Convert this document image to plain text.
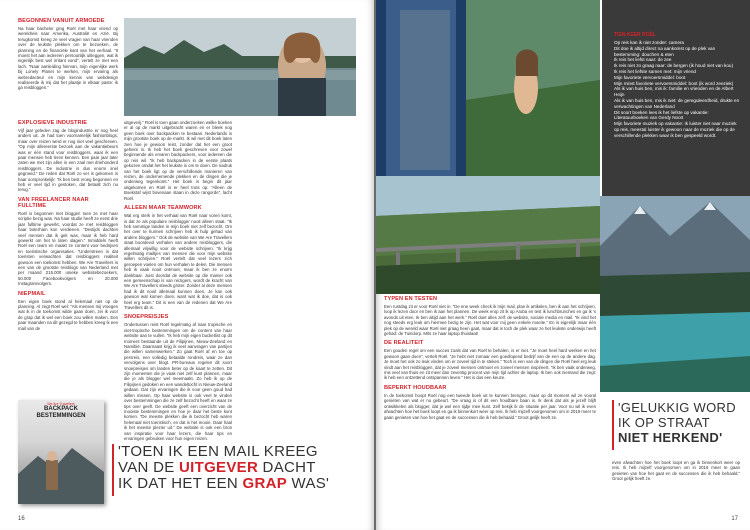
BEGONNEN VANUIT ARMOEDE
Na haar bachelor ging Roël met haar vriend op wereldreis naar Amerika, Australië en Azië. Bij terugkomst kreeg ze veel vragen van haar vrienden over de leukste plekken om te bezoeken, de planning en de financiële kant van het verhaal. “It moest het aan iedereen persoonlijk uitleggen, wat ik eigenlijk best wel irritant vond”, vertelt ze met een lach. “Naar aanleiding hiervan, mijn eigenlijke werk bij Lonely Planet te werken, mijn ervaring als webredacteur en mijn kennis van webdesign realiseerde ik mij dat het plaatje in elkaar paste: ik ga reisbloggen.”
EXPLOSIEVE INDUSTRIE
Vijf jaar geleden zag de blogindustrie er nog heel anders uit. Je had toen voornamelijk fashionblogs, maar over reizen werd er nog niet veel geschreven. “Op mijn allereerste bezoek aan de vakantiebeurs was er één stand voor reisbloggers, waar ik een paar mensen heb leren kennen. Een paar jaar later zaten we met zijn allen in een zaal met driehonderd reisbloggers. De industrie is dus enorm snel gegroeid.” De reden dat Roël zo ver is gekomen is haar oorspronkelijk: “Ik ben best vroeg begonnen en heb er veel tijd in gestoken, dat betaalt zich nu terug.”
VAN FREELANCER NAAR FULLTIME
Roël is begonnen met bloggen toen ze met haar scriptie bezig was. Na haar studie heeft ze eerst drie jaar fulltime gewerkt, voordat ze met reisbloggen haar boterham kon verdienen. “Destijds dachten veel mensen dat ik gek was, maar ik heb hard gewerkt om het te laten slagen.” Inmiddels heeft Roël een team en maakt ze content voor bedrijven en toeristische organisaties. “Understreen is dat toeristen verwachten dat reisbloggers realiteit gewoon een toekomst hebben. We Are Travellers is een van de grootste reisblogs van Nederland met per maand 215.000 unieke websitebezoekers, 50.000 Facebookvolgers en 20.000 Instagramvolgers.
NIEPMAIL
Een eigen boek stond al helemaal niet op de planning. Al zegt Roël wel: “Als mensen mij vroegen wat ik in de toekomst wilde gaan doen, zei ik voor de grap dat ik wel een boek zou willen maken. Een paar maanden na dit gezegd te hebben kreeg ik een mail van de
uitgeverij.” Roël is toen gaan onderzoeken welke boeken er al op de markt uitgebracht waren en er bleek nog geen boek over backpacken te bestaan. Nederlands is mijn grootste boek op de markt. Ik wil met dit boek laten zien hoe je gewoon reist, zonder dat het een groot geheim is. Ik heb het boek geschreven voor zowel beginnende als ervaren backpackers, voor iedereen die op reis wil. “Ik heb backpacken in de eerste plaats gekozen omdat het het leukste is om te doen. De nadruk van het boek ligt op de verschillende manieren van reizen, de ondernemende plekken en de dingen die je onderweg tegenkomt.” Het boek is begin dit jaar uitgekomen en Roël is er heel trots op. “Alleen de Boekstaf wijst bovenaan staan in deze rangorde”, lacht Roël.
ALLEEN MAAR TEAMWORK
Wat erg sterk in het verhaal van Roël naar voren komt, is dat ze als populaire reisblogger nooit alleen staat. “Ik heb sommige landen in mijn boek niet zelf bezocht. Om het over te kunnen schrijven heb ik hulp gehad van andere bloggers.” Ook de website van We Are Travellers staat boordevol verhalen van andere reisbloggers, die allemaal vrijwillig voor de website schrijven. “Ik krijg regelmatig mailtjes van mensen die voor mijn website willen schrijven.” Roël vertelt dat veel lezers zich geroepen voelen om hun verhalen te delen. Die mensen heb ik vaak nooit ontmoet, maar ik ben ze enorm dankbaar. Juist doordat de website op die manier ook een gemeenschap is van reizigers, wordt de kracht van We Are Travellers steeds groter. Zonder al deze mensen had ik dit nooit allemaal kunnen doen. Je kan ook gewoon wat komen doen, want wat ik doe, dat is ook heel erg team.” Dit is een van de redenen dat We Are Travellers dit is.
SNOEPREISJES
Ondertussen reist Roël regelmatig af naar tropische en niet-tropische bestemmingen om de content van haar website aan te vullen. “Ik heb mijn eigen bucketlist op dit moment bestaande uit de Filipijnen, Nieuw-Zeeland en Namibië. Daarnaast krijg ik veel aanvragen van partijen die willen samenwerken.” Zo gaat Roël af en toe op persreis, een volledig betaalde rondreis, waar ze dan vervolgens over blogt. PR-bureaus regelen dit soort snoepreisjes om landen beter op de kaart te zetten. Dit zijn momenten die je vaak niet zelf kunt plannen, maar die je als blogger wel meemaakt. Zo heb ik op de Filipijnen gedoken en een wandeltocht in Nieuw-Zeeland gedaan. Dat zijn ervaringen die ik voor geen goud had willen missen. Op haar website is ook veel te vinden over bestemmingen die ze zelf bezocht heeft en waar ze tips over geeft. De website geeft een overzicht van de mooiste bestemmingen en hoe je daar het beste kunt komen. “De meeste plekken die ik bezocht heb waren helemaal niet toeristisch, en dat is het mooie. Daar haal ik het meeste plezier uit.” De website is ook een bron van inspiratie voor haar lezers, die haar tips en ervaringen gebruiken voor hun eigen reizen.
BACKPACK BESTEMMINGEN
We Are Travellers
'TOEN IK EEN MAIL KREEG
VAN DE UITGEVER DACHT
IK DAT HET EEN GRAP WAS'
16
TIEN KEER ROËL
Op reis kan ik niet zonder: camera
Dit doe ik altijd direct na aankomst op de plek van bestemming: douchen & eten
Ik reis het liefst naar: de zee
Ik reis niet zo graag naar: de bergen (ik houd niet van kou)
Ik reis het liefste samen met: mijn vriend
Mijn favoriete vervoersmiddel: boot
Mijn minst favoriete vervoersmiddel: boot (ik word zeeziek)
Als ik van huis ben, mis ik: familie en vrienden en de Albert Heijn
Als ik van huis ben, mis ik niet: de gereguleerdheid, drukte en verwachtingen van Nederland
Dit soort boeken lees ik het liefste op vakantie: Literatuurboeken van Gerdy Noort
Mijn favoriete muziek op vakantie: Ik luister niet naar muziek op reis, meestal luister ik gewoon naar de muziek die op de verschillende plekken waar ik ben gespeeld wordt.
TYPEN EN TESTEN
Een rustdag zit er voor Roël niet in. “De ene week check ik mijn mail, plan ik artikelen, ben ik aan het schrijven, loop ik lezen door en ben ik aan het plannen. De week erop zit ik op Aruba en test ik lunchbrunches en ga ik 's avonds uit eten. Ik ben altijd aan het werk.” Roël doet alles zelf: de website, sociale media en mail. “Ik vind het nog steeds erg leuk om hiermee bezig te zijn. Het wat voor mij geen enkele moeite.” En is eigenlijk maar één plek op de wereld waar Roël niet graag heen gaat, maar dat is toch de plek waar ze het leukste onderwijs heeft gehad: de Tuindorp. Mits ze haar laptop thuislaat!
DE REALITEIT
Een gouden regel om een succes zoals dat van Roël te behalen, is er niet. “Je moet heel hard werken en het gewoon gaan doen”, vertelt Roël. “Je hebt niet zomaar een goedlopend bedrijf van de een op de andere dag. Je moet het ook zo leuk vinden om er zoveel tijd in te steken.” Toch is een van de dingen die Roël heel erg leuk vindt aan het reisbloggen, dat je zoveel mensen ontmoet en zoveel mensen inspireert. “Ik ben vaak onderweg, mis veel van thuis en zit meer dan zeventig procent van mijn tijd achter de laptop. Ik ben ook niemand die zegt: ik heb een ontzettend ontspannen leven.” Het is dus een keuze.
BEPERKT HOUDBAAR
In de toekomst hoopt Roël nog een tweede boek uit te kunnen brengen, maar op dit moment wil ze vooral genieten van wat er nu gebeurt. “De vraag is of dit een houdbare baan is. Ik denk dat als je jezelf blijft ontwikkelen als blogger, dat je wel een tijdje mee kunt. Zelf bekijk ik de situatie per jaar. Voor nu wil ik even afwachten hoe het boek loopt en ga ik binnenkort weer op reis. Ik heb mijzelf voorgenomen om in 2019 meer te gaan genieten van hoe het gaat en de successen die ik heb behaald.” Groot gelijk heeft ze.
'GELUKKIG WORD
IK OP STRAAT
NIET HERKEND'
even afwachten hoe het boek loopt en ga ik binnenkort weer op reis. Ik heb mijzelf voorgenomen om in 2019 meer te gaan genieten van hoe het gaat en de successen die ik heb behaald.” Groot gelijk heeft ze.
17
